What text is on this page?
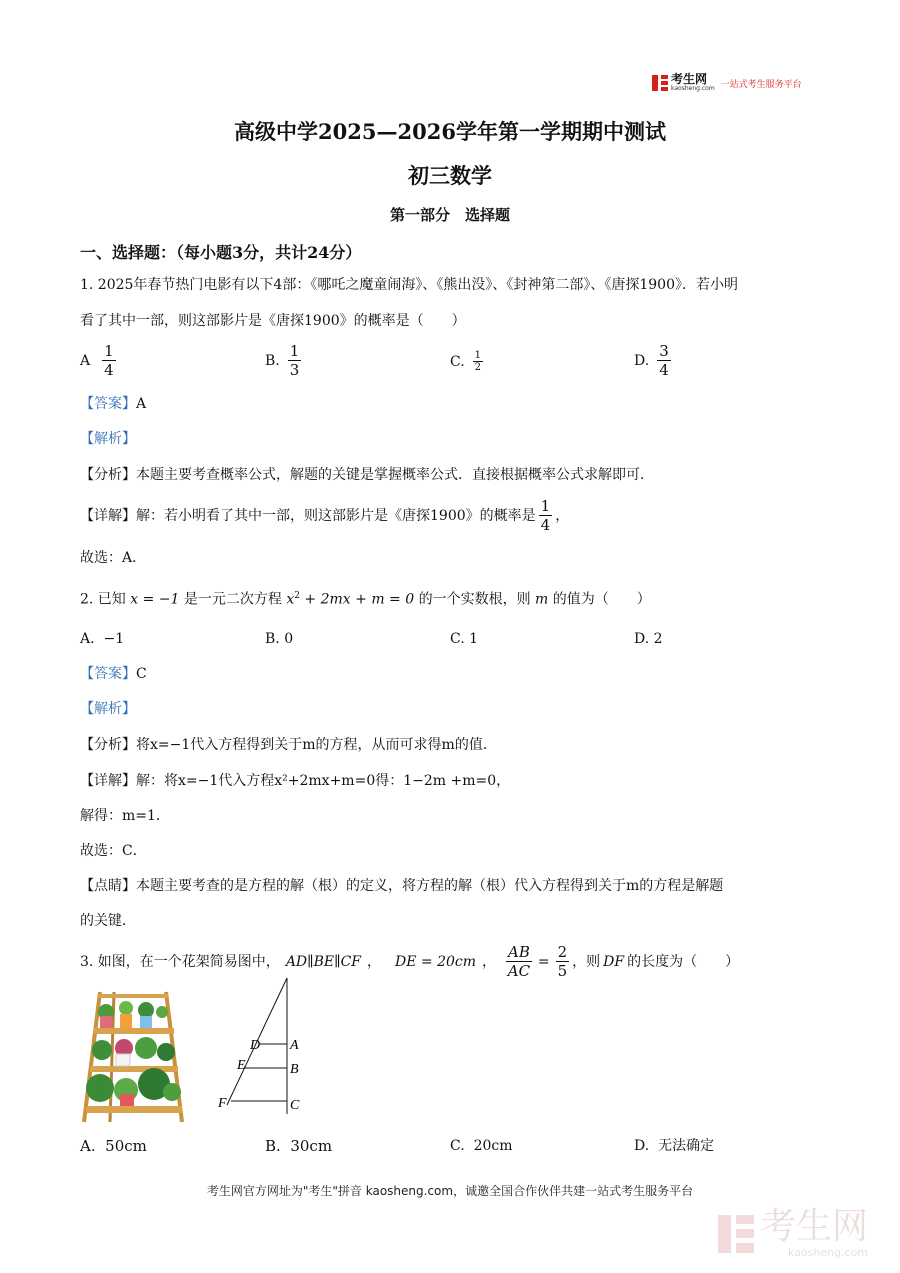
考生网
kaosheng.com 一站式考生服务平台
高级中学2025—2026学年第一学期期中测试
初三数学
第一部分　选择题
一、选择题：（每小题3分，共计24分）
1. 2025年春节热门电影有以下4部：《哪吒之魔童闹海》、《熊出没》、《封神第二部》、《唐探1900》．若小明
看了其中一部，则这部影片是《唐探1900》的概率是（　　）
A $\frac{1}{4}$	B. $\frac{1}{3}$	C. $\frac{1}{2}$	D. $\frac{3}{4}$
【答案】A
【解析】
【分析】本题主要考查概率公式，解题的关键是掌握概率公式．直接根据概率公式求解即可．
【详解】 解：若小明看了其中一部，则这部影片是《唐探1900》的概率是 $\frac{1}{4}$ ，
故选：A．
2. 已知 x = −1 是一元二次方程 $x^2 + 2mx + m = 0$ 的一个实数根，则 m 的值为（　　）
A. −1	B. 0	C. 1	D. 2
【答案】C
【解析】
【分析】将x=−1代入方程得到关于m的方程，从而可求得m的值．
【详解】解：将x=−1代入方程x²+2mx+m=0得：1−2m +m=0，
解得：m=1．
故选：C．
【点睛】本题主要考查的是方程的解（根）的定义，将方程的解（根）代入方程得到关于m的方程是解题
的关键．
3. 如图，在一个花架简易图中， AD∥BE∥CF ， DE = 20cm ， $\frac{AB}{AC} = \frac{2}{5}$ ，则 DF 的长度为（　　）
D A
E	B
F	C
A. 50cm	B. 30cm	C. 20cm	D. 无法确定
考生网官方网址为"考生"拼音 kaosheng.com，诚邀全国合作伙伴共建一站式考生服务平台
考生网
kaosheng.com
